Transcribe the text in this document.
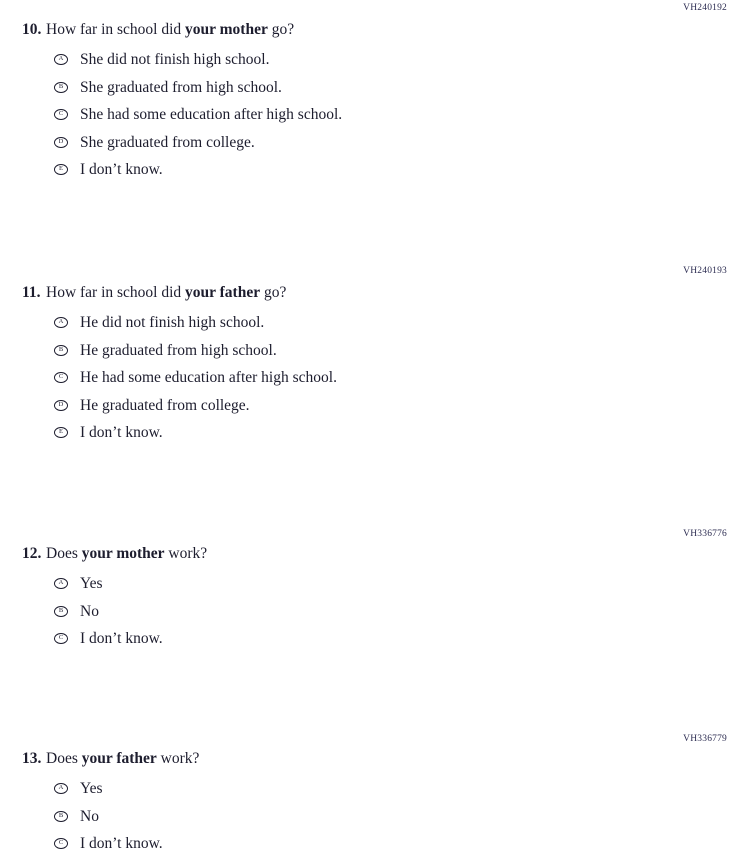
VH240192
10. How far in school did your mother go?
A	She did not finish high school.
B	She graduated from high school.
C	She had some education after high school.
D	She graduated from college.
E	I don’t know.
VH240193
11. How far in school did your father go?
A	He did not finish high school.
B	He graduated from high school.
C	He had some education after high school.
D	He graduated from college.
E	I don’t know.
VH336776
12. Does your mother work?
A	Yes
B	No
C	I don’t know.
VH336779
13. Does your father work?
A	Yes
B	No
C	I don’t know.
